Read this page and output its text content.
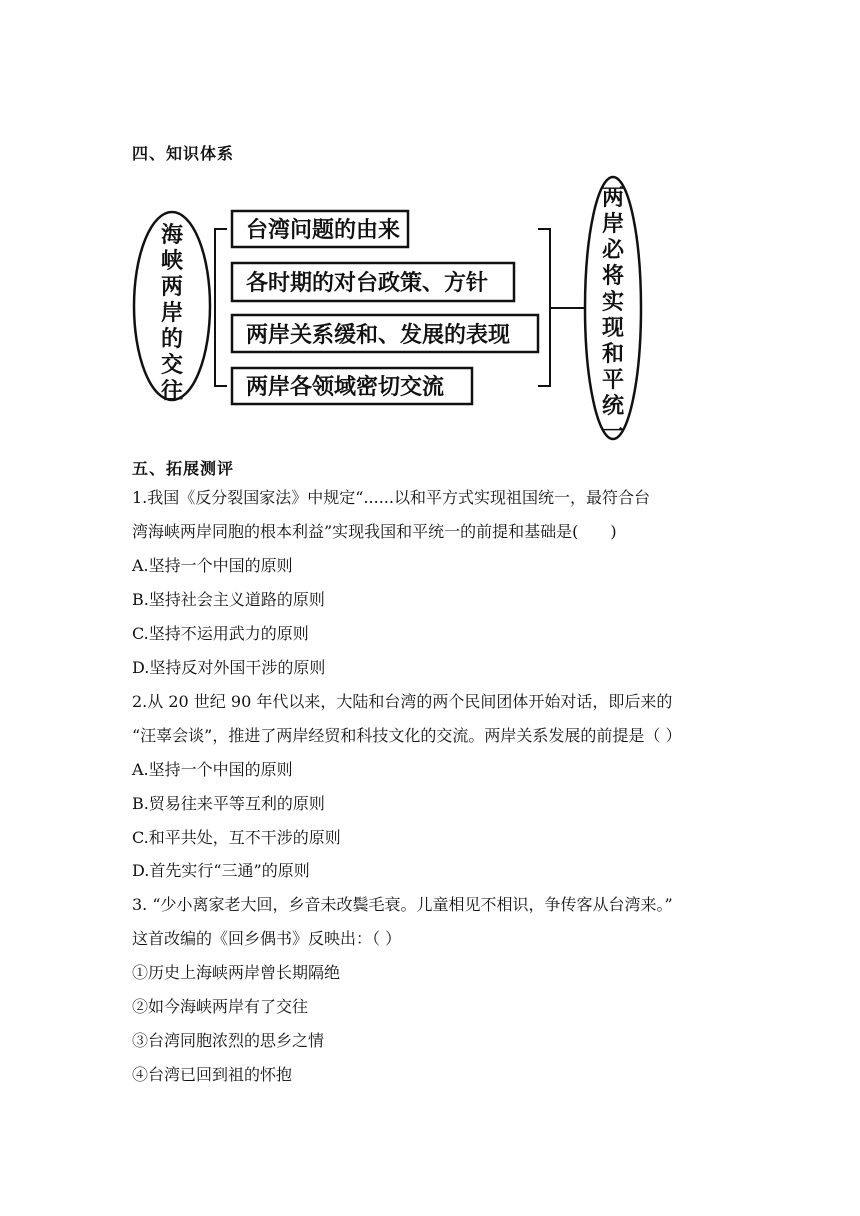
四、知识体系
台湾问题的由来
各时期的对台政策、方针
两岸关系缓和、发展的表现
两岸各领域密切交流
海
峡
两
岸
的
交
往
两
岸
必
将
实
现
和
平
统
一
五、拓展测评
1.我国《反分裂国家法》中规定“......以和平方式实现祖国统一，最符合台
湾海峡两岸同胞的根本利益”实现我国和平统一的前提和基础是(　　)
A.坚持一个中国的原则
B.坚持社会主义道路的原则
C.坚持不运用武力的原则
D.坚持反对外国干涉的原则
2.从 20 世纪 90 年代以来，大陆和台湾的两个民间团体开始对话，即后来的
“汪辜会谈”，推进了两岸经贸和科技文化的交流。两岸关系发展的前提是（ ）
A.坚持一个中国的原则
B.贸易往来平等互利的原则
C.和平共处，互不干涉的原则
D.首先实行“三通”的原则
3. “少小离家老大回，乡音未改鬓毛衰。儿童相见不相识，争传客从台湾来。”
这首改编的《回乡偶书》反映出：（ ）
①历史上海峡两岸曾长期隔绝
②如今海峡两岸有了交往
③台湾同胞浓烈的思乡之情
④台湾已回到祖的怀抱
